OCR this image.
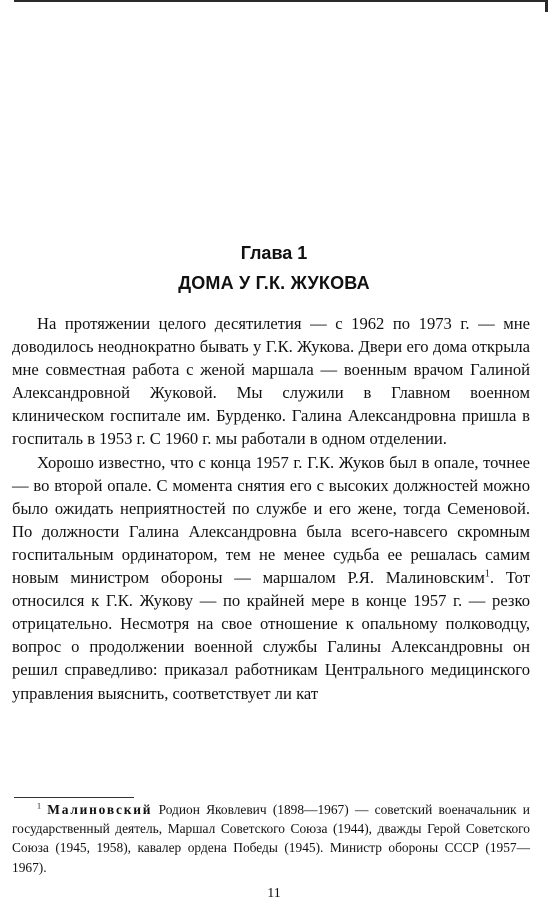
Глава 1
ДОМА У Г.К. ЖУКОВА

На протяжении целого десятилетия — с 1962 по 1973 г. — мне доводилось неоднократно бывать у Г.К. Жукова. Двери его дома открыла мне совместная работа с женой маршала — военным врачом Галиной Александровной Жуковой. Мы служили в Главном военном клиническом госпитале им. Бурденко. Галина Александровна пришла в госпиталь в 1953 г. С 1960 г. мы работали в одном отделении.

Хорошо известно, что с конца 1957 г. Г.К. Жуков был в опале, точнее — во второй опале. С момента снятия его с высоких должностей можно было ожидать неприятностей по службе и его жене, тогда Семеновой. По должности Галина Александровна была всего-навсего скромным госпитальным ординатором, тем не менее судьба ее решалась самим новым министром обороны — маршалом Р.Я. Малиновским$^1$. Тот относился к Г.К. Жукову — по крайней мере в конце 1957 г. — резко отрицательно. Несмотря на свое отношение к опальному полководцу, вопрос о продолжении военной службы Галины Александровны он решил справедливо: приказал работникам Центрального медицинского управления выяснить, соответствует ли кат

$^1$ Малиновский Родион Яковлевич (1898—1967) — советский военачальник и государственный деятель, Маршал Советского Союза (1944), дважды Герой Советского Союза (1945, 1958), кавалер ордена Победы (1945). Министр обороны СССР (1957—1967).

11
